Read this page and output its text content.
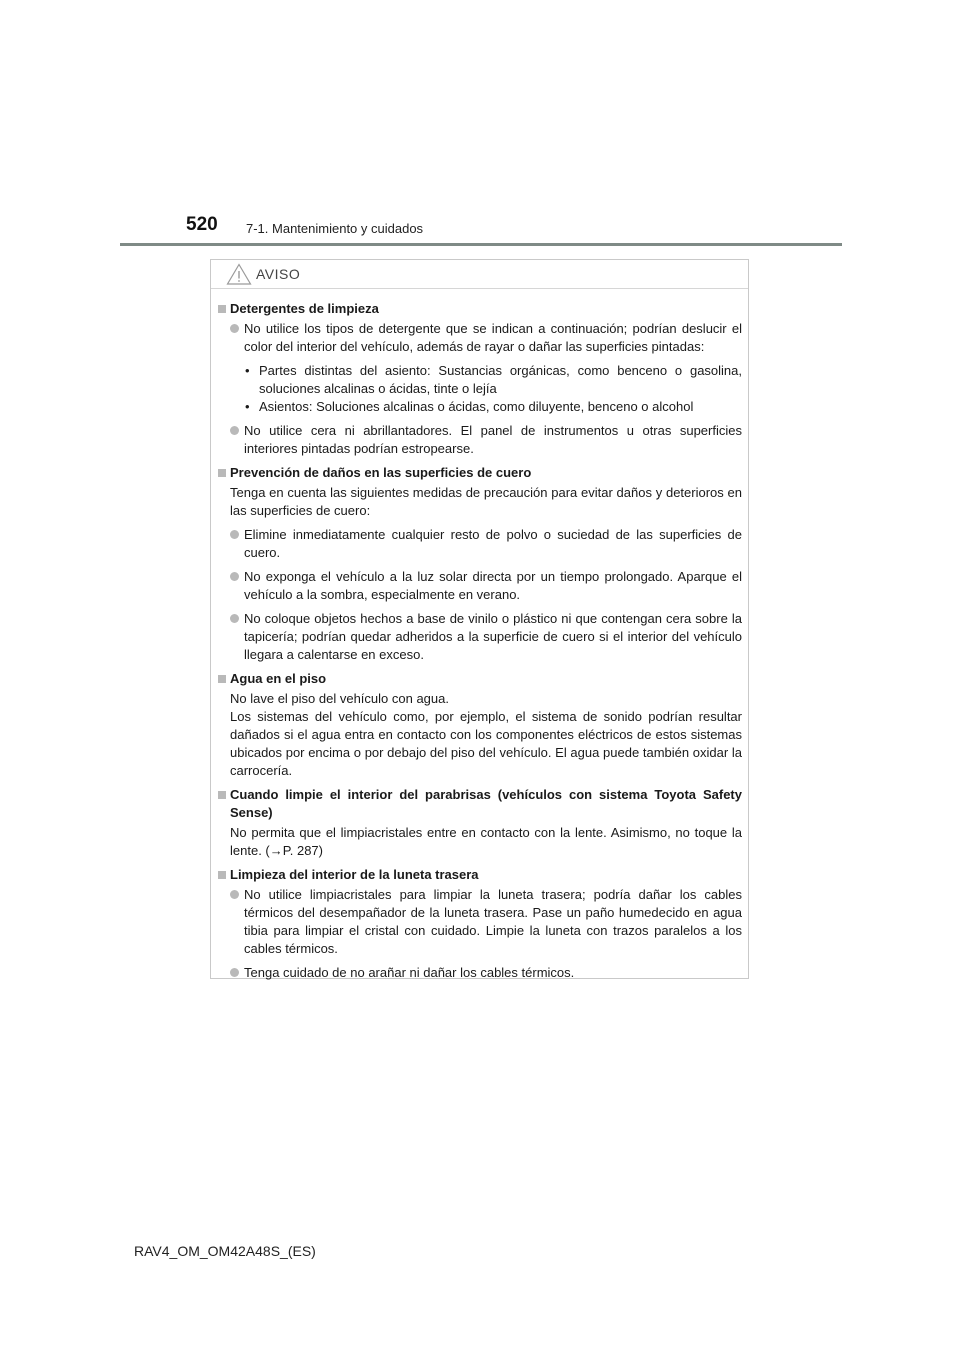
520 7-1. Mantenimiento y cuidados
AVISO
Detergentes de limpieza
No utilice los tipos de detergente que se indican a continuación; podrían deslucir el color del interior del vehículo, además de rayar o dañar las superficies pintadas:
• Partes distintas del asiento: Sustancias orgánicas, como benceno o gasolina, soluciones alcalinas o ácidas, tinte o lejía
• Asientos: Soluciones alcalinas o ácidas, como diluyente, benceno o alcohol
No utilice cera ni abrillantadores. El panel de instrumentos u otras superficies interiores pintadas podrían estropearse.
Prevención de daños en las superficies de cuero
Tenga en cuenta las siguientes medidas de precaución para evitar daños y deterioros en las superficies de cuero:
Elimine inmediatamente cualquier resto de polvo o suciedad de las superficies de cuero.
No exponga el vehículo a la luz solar directa por un tiempo prolongado. Aparque el vehículo a la sombra, especialmente en verano.
No coloque objetos hechos a base de vinilo o plástico ni que contengan cera sobre la tapicería; podrían quedar adheridos a la superficie de cuero si el interior del vehículo llegara a calentarse en exceso.
Agua en el piso
No lave el piso del vehículo con agua.
Los sistemas del vehículo como, por ejemplo, el sistema de sonido podrían resultar dañados si el agua entra en contacto con los componentes eléctricos de estos sistemas ubicados por encima o por debajo del piso del vehículo. El agua puede también oxidar la carrocería.
Cuando limpie el interior del parabrisas (vehículos con sistema Toyota Safety Sense)
No permita que el limpiacristales entre en contacto con la lente. Asimismo, no toque la lente. (→P. 287)
Limpieza del interior de la luneta trasera
No utilice limpiacristales para limpiar la luneta trasera; podría dañar los cables térmicos del desempañador de la luneta trasera. Pase un paño humedecido en agua tibia para limpiar el cristal con cuidado. Limpie la luneta con trazos paralelos a los cables térmicos.
Tenga cuidado de no arañar ni dañar los cables térmicos.
RAV4_OM_OM42A48S_(ES)
